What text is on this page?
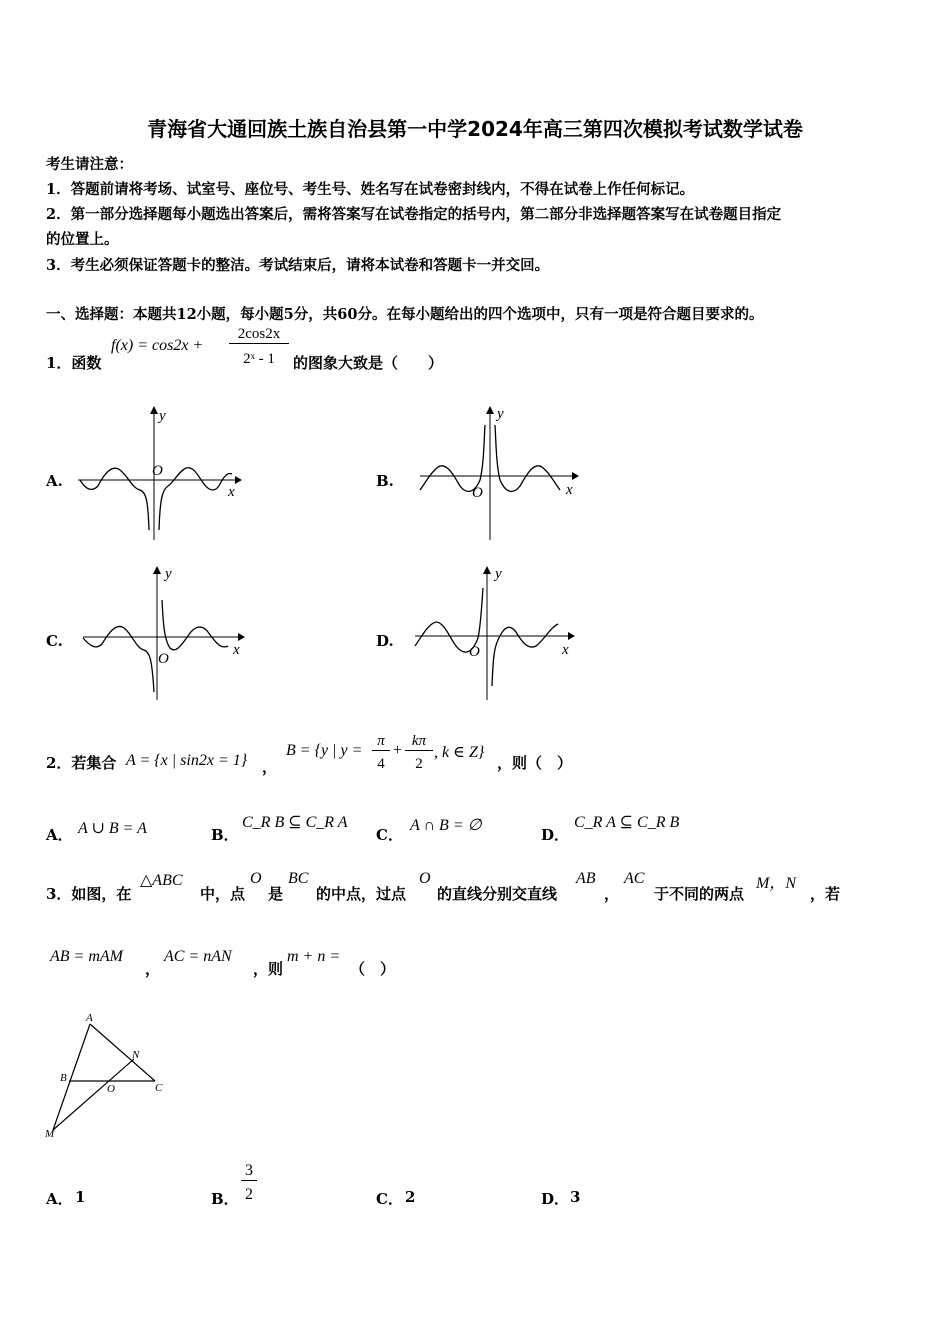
青海省大通回族土族自治县第一中学2024年高三第四次模拟考试数学试卷
考生请注意：
1．答题前请将考场、试室号、座位号、考生号、姓名写在试卷密封线内，不得在试卷上作任何标记。
2．第一部分选择题每小题选出答案后，需将答案写在试卷指定的括号内，第二部分非选择题答案写在试卷题目指定
的位置上。
3．考生必须保证答题卡的整洁。考试结束后，请将本试卷和答题卡一并交回。
一、选择题：本题共12小题，每小题5分，共60分。在每小题给出的四个选项中，只有一项是符合题目要求的。
1．函数
f(x) = cos2x +
2cos2x
2ˣ - 1	的图象大致是（　　）
A.	B.
C.	D.
y
x
O
y
x
O
y
x
O
y
x
O
2．若集合 A = {x | sin2x = 1} ，
B = {y | y =
π
4
+
kπ
2
, k ∈ Z}
，则（　）
A． A ∪ B = A	B．
C_R B ⊆ C_R A
C．
A ∩ B = ∅
D．
C_R A ⊆ C_R B
3．如图，在
△ABC
中，点
O
是
BC
的中点，过点
O
的直线分别交直线
AB
，
AC
于不同的两点
M，N
，若
AB = mAM
，
AC = nAN
，则
m + n =
（　）
A
N
B
O	C
M
A． 1	B．
3
2	C． 2	D． 3
